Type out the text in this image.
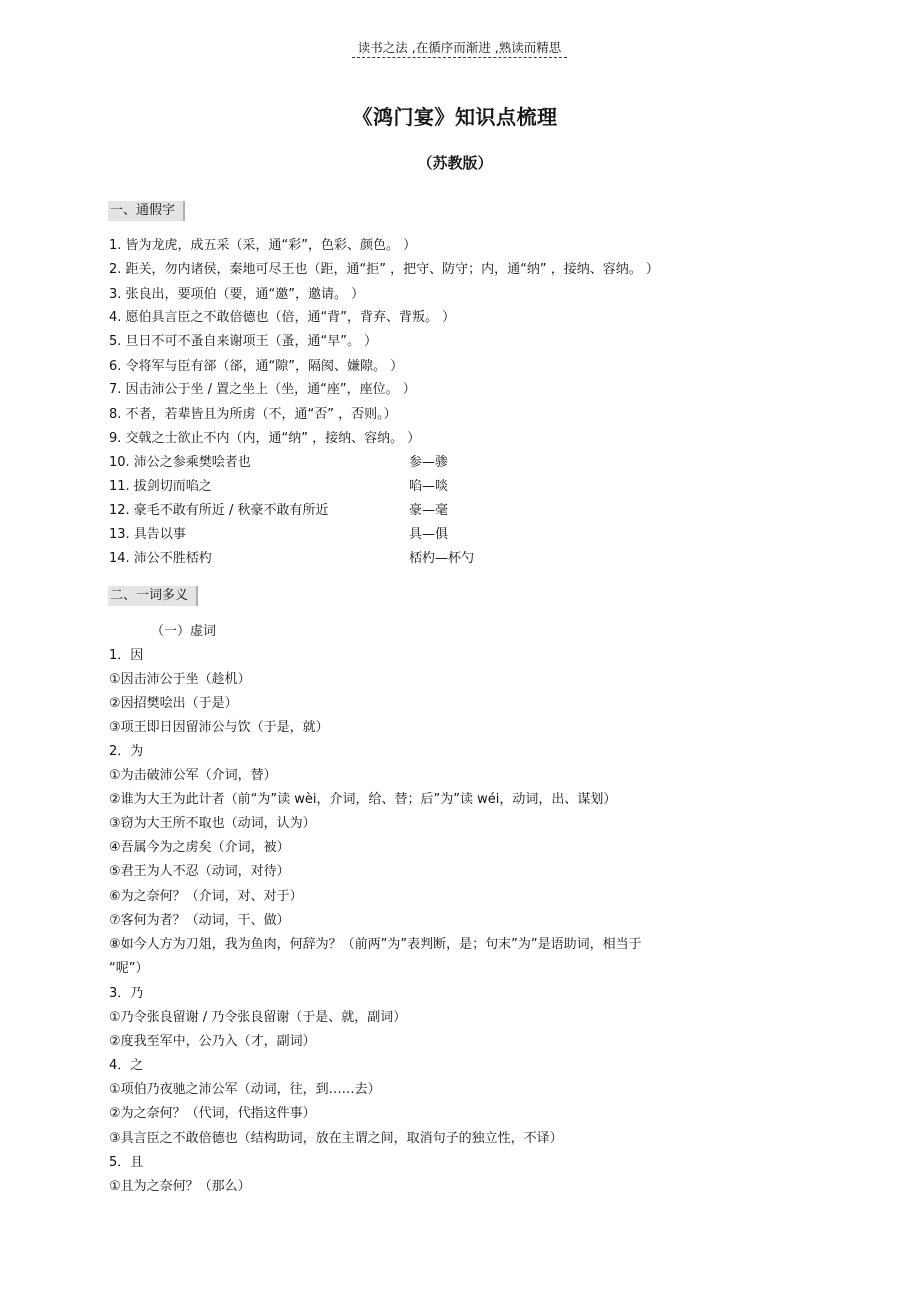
读书之法 ,在循序而渐进 ,熟读而精思
《鸿门宴》知识点梳理
（苏教版）
一、通假字
1. 皆为龙虎，成五采（采，通“彩”，色彩、颜色。 ）
2. 距关，勿内诸侯，秦地可尽王也（距，通“拒” ，把守、防守；内，通“纳” ，接纳、容纳。 ）
3. 张良出，要项伯（要，通“邀”，邀请。 ）
4. 愿伯具言臣之不敢倍德也（倍，通“背”，背弃、背叛。 ）
5. 旦日不可不蚤自来谢项王（蚤，通“早”。 ）
6. 令将军与臣有郤（郤，通“隙”，隔阂、嫌隙。 ）
7. 因击沛公于坐 / 置之坐上（坐，通“座”，座位。 ）
8. 不者，若辈皆且为所虏（不，通“否” ，否则。）
9. 交戟之士欲止不内（内，通“纳” ，接纳、容纳。 ）
10. 沛公之参乘樊哙者也	参—骖
11. 拔剑切而啗之	啗—啖
12. 豪毛不敢有所近 / 秋豪不敢有所近	豪—毫
13. 具告以事	具—俱
14. 沛公不胜桮杓	桮杓—杯勺
二、一词多义
（一）虚词
1．因
①因击沛公于坐（趁机）
②因招樊哙出（于是）
③项王即日因留沛公与饮（于是，就）
2．为
①为击破沛公军（介词，替）
②谁为大王为此计者（前“为”读 wèi，介词，给、替；后”为”读 wéi，动词，出、谋划）
③窃为大王所不取也（动词，认为）
④吾属今为之虏矣（介词，被）
⑤君王为人不忍（动词，对待）
⑥为之奈何？（介词，对、对于）
⑦客何为者？（动词，干、做）
⑧如今人方为刀俎，我为鱼肉，何辞为？（前两”为”表判断，是；句末”为”是语助词，相当于
“呢”）
3．乃
①乃令张良留谢 / 乃令张良留谢（于是、就，副词）
②度我至军中，公乃入（才，副词）
4．之
①项伯乃夜驰之沛公军（动词，往，到……去）
②为之奈何？（代词，代指这件事）
③具言臣之不敢倍德也（结构助词，放在主谓之间，取消句子的独立性，不译）
5．且
①且为之奈何？（那么）
